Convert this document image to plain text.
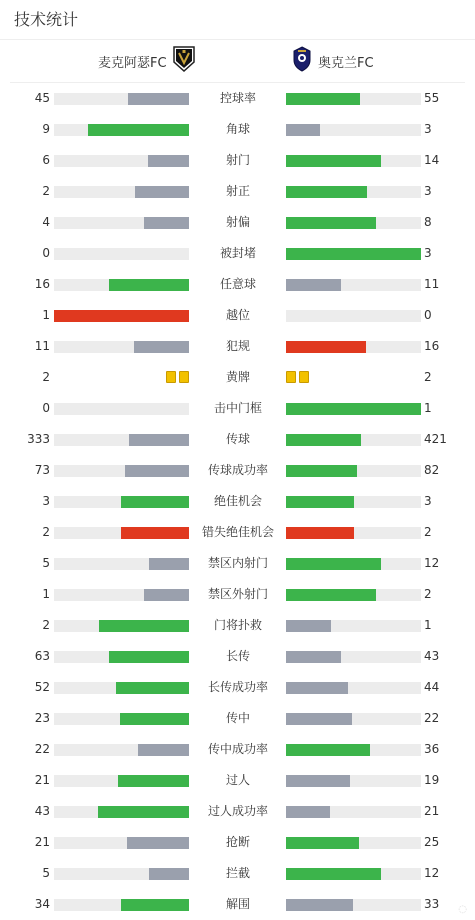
技术统计
麦克阿瑟FC	奥克兰FC
45	控球率	55
9	角球	3
6	射门	14
2	射正	3
4	射偏	8
0	被封堵	3
16	任意球	11
1	越位	0
11	犯规	16
2	黄牌	2
0	击中门框	1
333	传球	421
73	传球成功率	82
3	绝佳机会	3
2	错失绝佳机会	2
5	禁区内射门	12
1	禁区外射门	2
2	门将扑救	1
63	长传	43
52	长传成功率	44
23	传中	22
22	传中成功率	36
21	过人	19
43	过人成功率	21
21	抢断	25
5	拦截	12
34	解围	33	◌
